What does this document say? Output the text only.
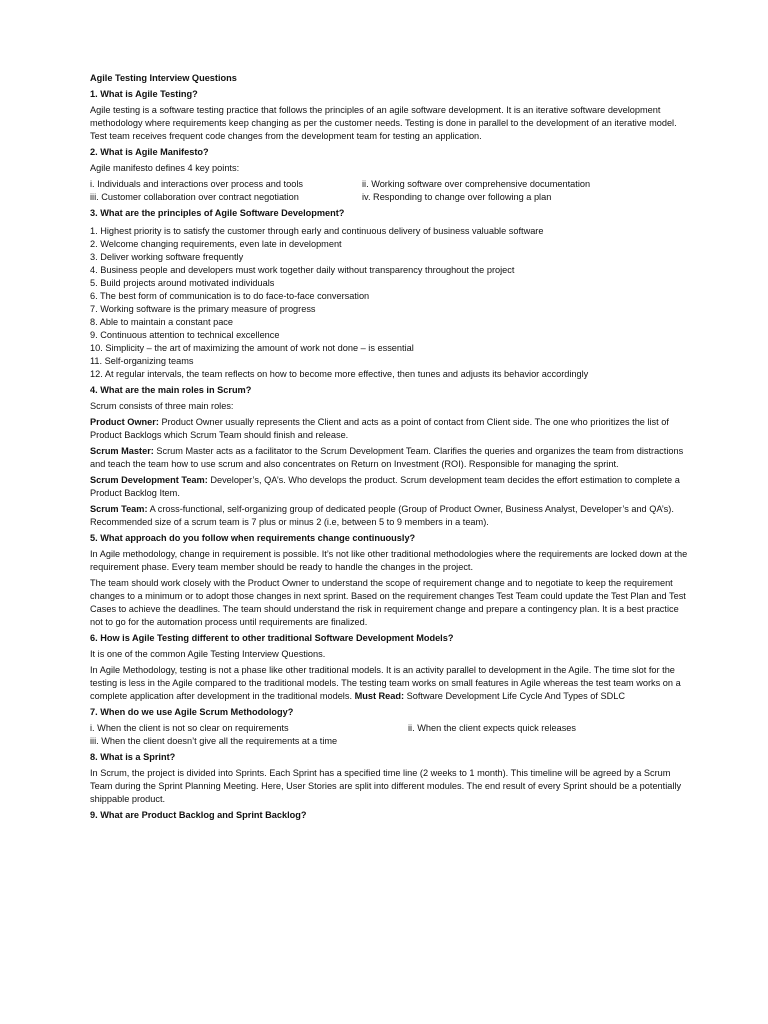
Agile Testing Interview Questions

1. What is Agile Testing?

Agile testing is a software testing practice that follows the principles of an agile software development. It is an iterative software development methodology where requirements keep changing as per the customer needs. Testing is done in parallel to the development of an iterative model. Test team receives frequent code changes from the development team for testing an application.

2. What is Agile Manifesto?

Agile manifesto defines 4 key points:

i. Individuals and interactions over process and tools	ii. Working software over comprehensive documentation
iii. Customer collaboration over contract negotiation	iv. Responding to change over following a plan

3. What are the principles of Agile Software Development?

1. Highest priority is to satisfy the customer through early and continuous delivery of business valuable software
2. Welcome changing requirements, even late in development
3. Deliver working software frequently
4. Business people and developers must work together daily without transparency throughout the project
5. Build projects around motivated individuals
6. The best form of communication is to do face-to-face conversation
7. Working software is the primary measure of progress
8. Able to maintain a constant pace
9. Continuous attention to technical excellence
10. Simplicity – the art of maximizing the amount of work not done – is essential
11. Self-organizing teams
12. At regular intervals, the team reflects on how to become more effective, then tunes and adjusts its behavior accordingly

4. What are the main roles in Scrum?

Scrum consists of three main roles:

Product Owner: Product Owner usually represents the Client and acts as a point of contact from Client side. The one who prioritizes the list of Product Backlogs which Scrum Team should finish and release.

Scrum Master: Scrum Master acts as a facilitator to the Scrum Development Team. Clarifies the queries and organizes the team from distractions and teach the team how to use scrum and also concentrates on Return on Investment (ROI). Responsible for managing the sprint.

Scrum Development Team: Developer’s, QA’s. Who develops the product. Scrum development team decides the effort estimation to complete a Product Backlog Item.

Scrum Team: A cross-functional, self-organizing group of dedicated people (Group of Product Owner, Business Analyst, Developer’s and QA’s). Recommended size of a scrum team is 7 plus or minus 2 (i.e, between 5 to 9 members in a team).

5. What approach do you follow when requirements change continuously?

In Agile methodology, change in requirement is possible. It’s not like other traditional methodologies where the requirements are locked down at the requirement phase. Every team member should be ready to handle the changes in the project.

The team should work closely with the Product Owner to understand the scope of requirement change and to negotiate to keep the requirement changes to a minimum or to adopt those changes in next sprint. Based on the requirement changes Test Team could update the Test Plan and Test Cases to achieve the deadlines. The team should understand the risk in requirement change and prepare a contingency plan. It is a best practice not to go for the automation process until requirements are finalized.

6. How is Agile Testing different to other traditional Software Development Models?

It is one of the common Agile Testing Interview Questions.

In Agile Methodology, testing is not a phase like other traditional models. It is an activity parallel to development in the Agile. The time slot for the testing is less in the Agile compared to the traditional models. The testing team works on small features in Agile whereas the test team works on a complete application after development in the traditional models. Must Read: Software Development Life Cycle And Types of SDLC

7. When do we use Agile Scrum Methodology?

i. When the client is not so clear on requirements	ii. When the client expects quick releases

iii. When the client doesn’t give all the requirements at a time

8. What is a Sprint?

In Scrum, the project is divided into Sprints. Each Sprint has a specified time line (2 weeks to 1 month). This timeline will be agreed by a Scrum Team during the Sprint Planning Meeting. Here, User Stories are split into different modules. The end result of every Sprint should be a potentially shippable product.

9. What are Product Backlog and Sprint Backlog?
